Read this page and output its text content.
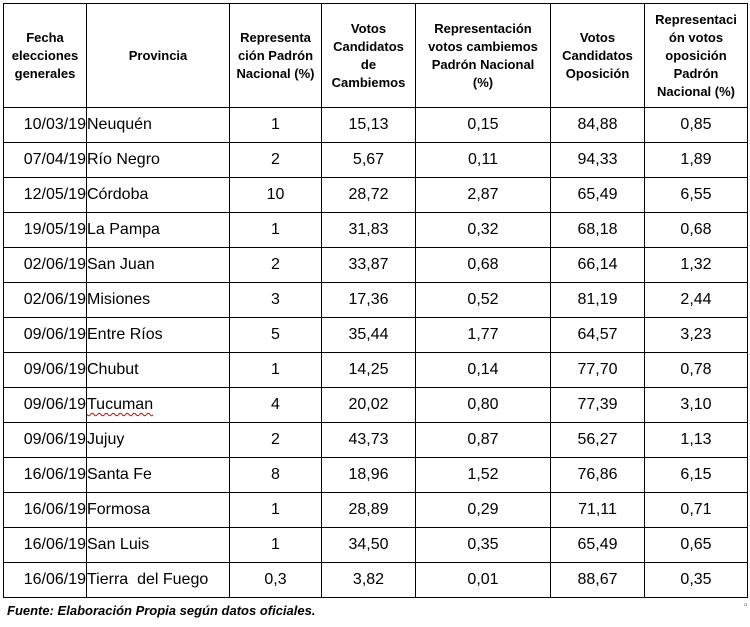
Fecha elecciones generales	Provincia	Representa ción Padrón Nacional (%)	Votos Candidatos de Cambiemos	Representación votos cambiemos Padrón Nacional (%)	Votos Candidatos Oposición	Representaci ón votos oposición Padrón Nacional (%)
10/03/19	Neuquén	1	15,13	0,15	84,88	0,85
07/04/19	Río Negro	2	5,67	0,11	94,33	1,89
12/05/19	Córdoba	10	28,72	2,87	65,49	6,55
19/05/19	La Pampa	1	31,83	0,32	68,18	0,68
02/06/19	San Juan	2	33,87	0,68	66,14	1,32
02/06/19	Misiones	3	17,36	0,52	81,19	2,44
09/06/19	Entre Ríos	5	35,44	1,77	64,57	3,23
09/06/19	Chubut	1	14,25	0,14	77,70	0,78
09/06/19	Tucuman	4	20,02	0,80	77,39	3,10
09/06/19	Jujuy	2	43,73	0,87	56,27	1,13
16/06/19	Santa Fe	8	18,96	1,52	76,86	6,15
16/06/19	Formosa	1	28,89	0,29	71,11	0,71
16/06/19	San Luis	1	34,50	0,35	65,49	0,65
16/06/19	Tierra  del Fuego	0,3	3,82	0,01	88,67	0,35
Fuente: Elaboración Propia según datos oficiales.	▫
